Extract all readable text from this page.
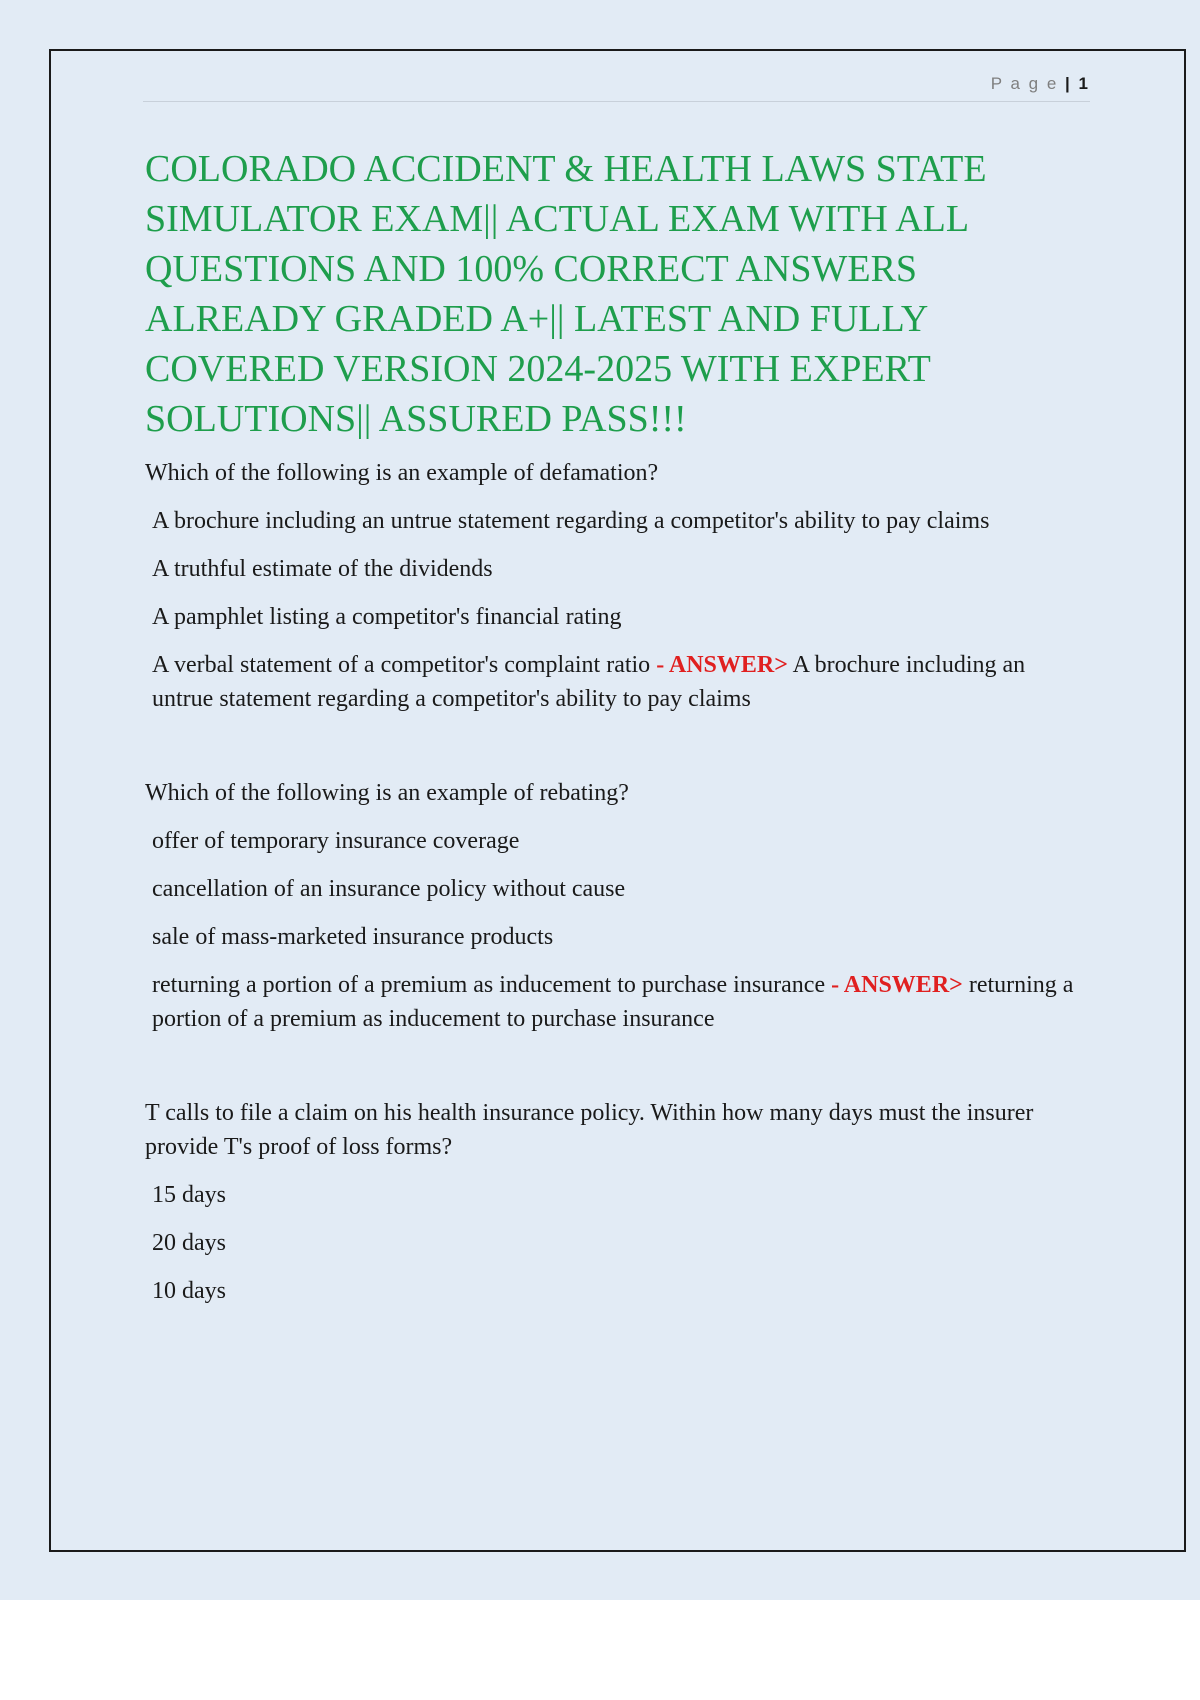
P a g e | 1
COLORADO ACCIDENT & HEALTH LAWS STATE SIMULATOR EXAM|| ACTUAL EXAM WITH ALL QUESTIONS AND 100% CORRECT ANSWERS ALREADY GRADED A+|| LATEST AND FULLY COVERED VERSION 2024-2025 WITH EXPERT SOLUTIONS|| ASSURED PASS!!!

Which of the following is an example of defamation?

A brochure including an untrue statement regarding a competitor's ability to pay claims

A truthful estimate of the dividends

A pamphlet listing a competitor's financial rating

A verbal statement of a competitor's complaint ratio - ANSWER> A brochure including an untrue statement regarding a competitor's ability to pay claims

Which of the following is an example of rebating?

offer of temporary insurance coverage

cancellation of an insurance policy without cause

sale of mass-marketed insurance products

returning a portion of a premium as inducement to purchase insurance - ANSWER> returning a portion of a premium as inducement to purchase insurance

T calls to file a claim on his health insurance policy. Within how many days must the insurer provide T's proof of loss forms?

15 days

20 days

10 days
